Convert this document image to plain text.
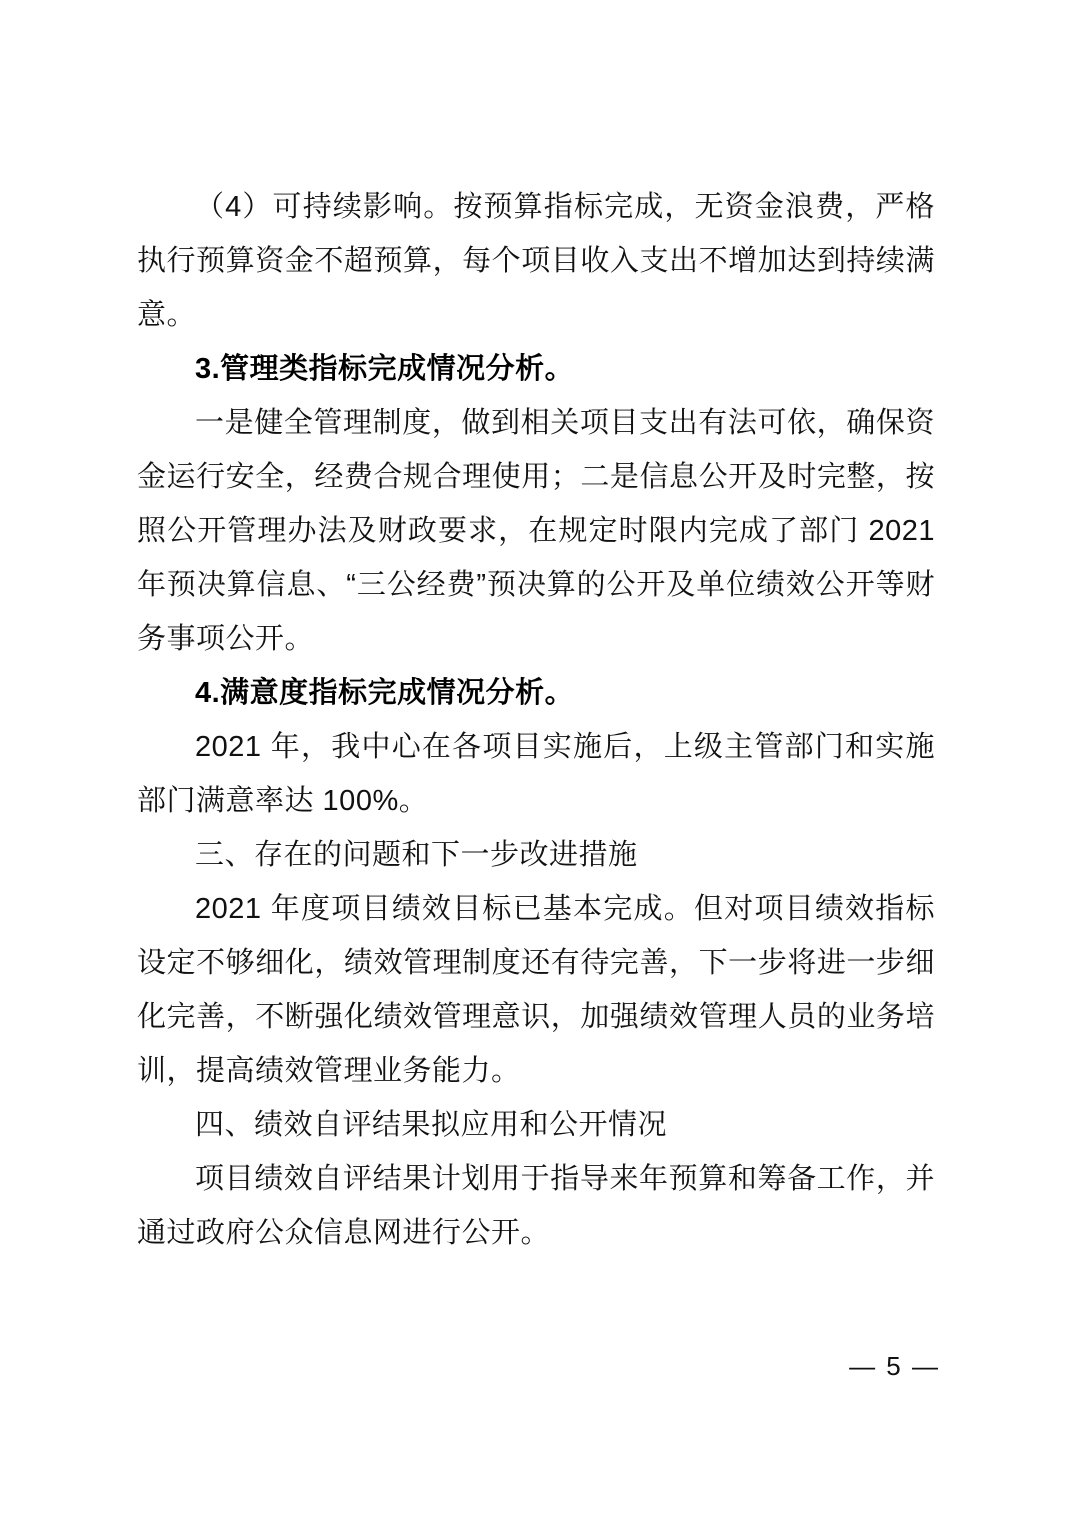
（4）可持续影响。按预算指标完成，无资金浪费，严格执行预算资金不超预算，每个项目收入支出不增加达到持续满意。

3.管理类指标完成情况分析。

一是健全管理制度，做到相关项目支出有法可依，确保资金运行安全，经费合规合理使用；二是信息公开及时完整，按照公开管理办法及财政要求，在规定时限内完成了部门 2021 年预决算信息、“三公经费”预决算的公开及单位绩效公开等财务事项公开。

4.满意度指标完成情况分析。

2021 年，我中心在各项目实施后，上级主管部门和实施部门满意率达 100%。

三、存在的问题和下一步改进措施

2021 年度项目绩效目标已基本完成。但对项目绩效指标设定不够细化，绩效管理制度还有待完善，下一步将进一步细化完善，不断强化绩效管理意识，加强绩效管理人员的业务培训，提高绩效管理业务能力。

四、绩效自评结果拟应用和公开情况

项目绩效自评结果计划用于指导来年预算和筹备工作，并通过政府公众信息网进行公开。

— 5 —
